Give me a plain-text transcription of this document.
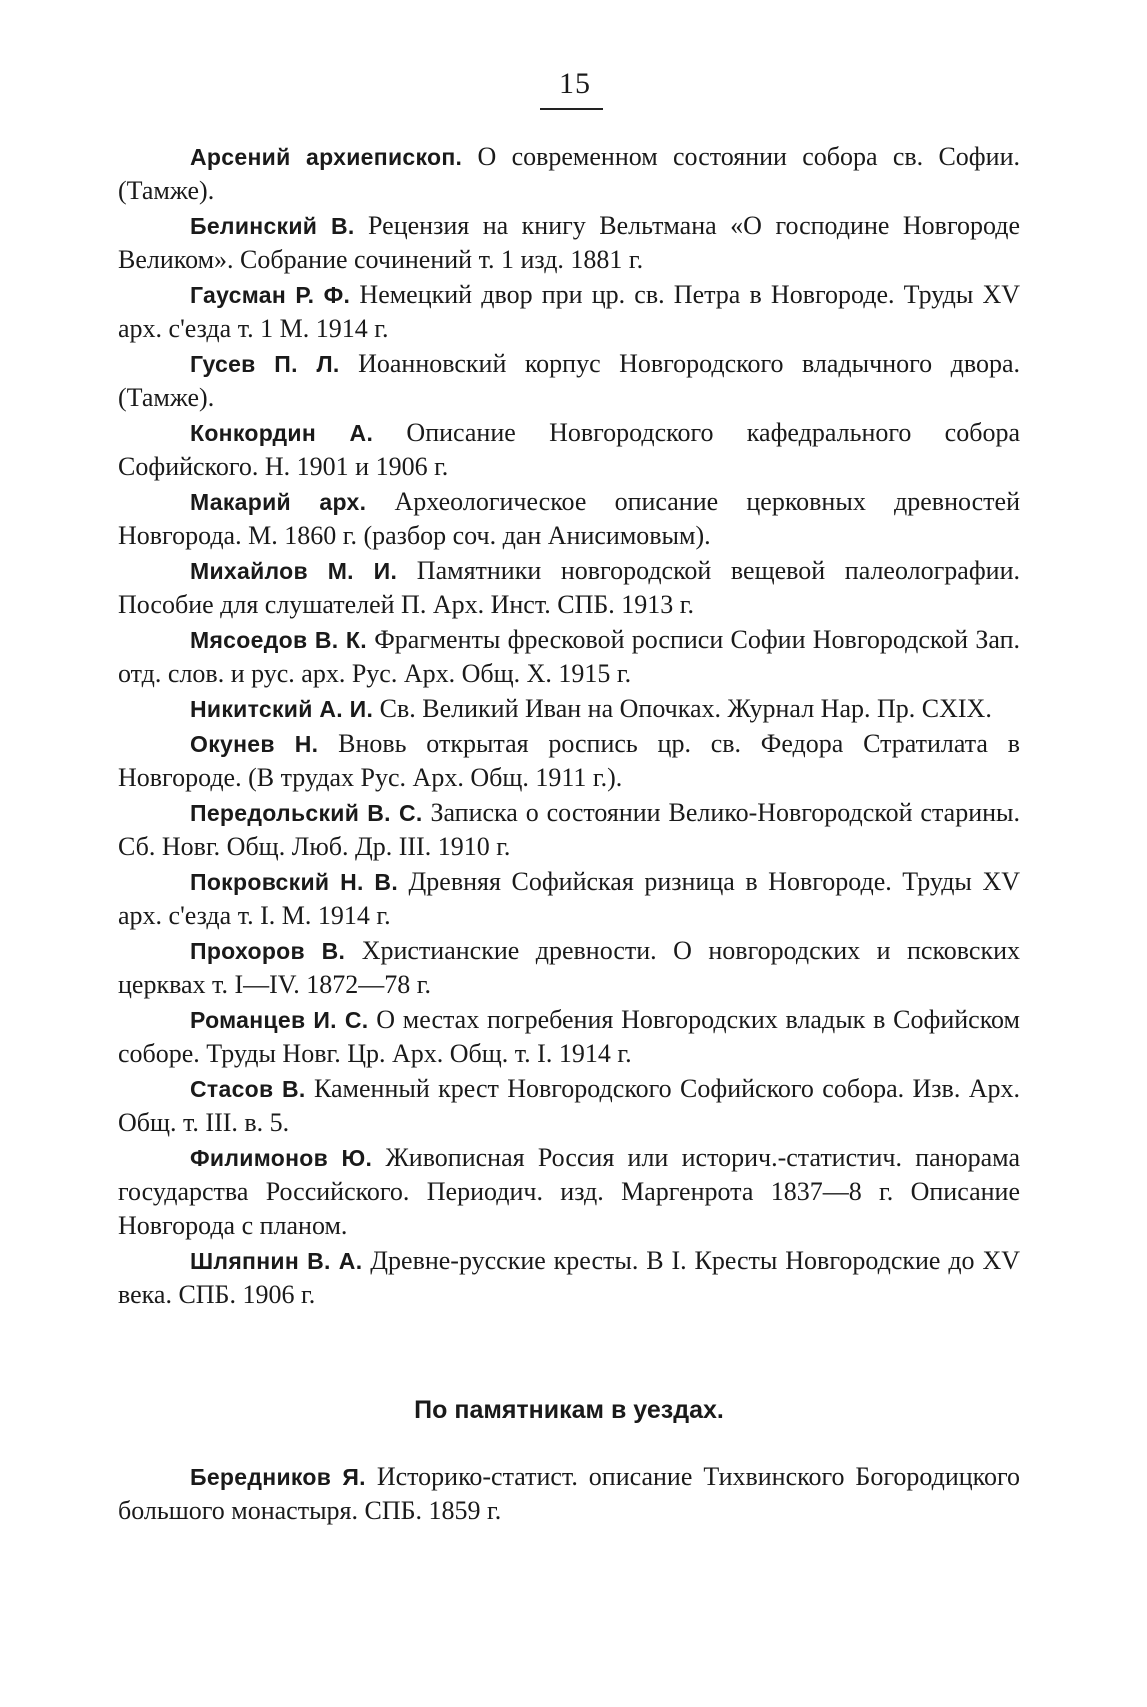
15

Арсений архиепископ. О современном состоянии собора св. Софии. (Тамже).

Белинский В. Рецензия на книгу Вельтмана «О господине Новгороде Великом». Собрание сочинений т. 1 изд. 1881 г.

Гаусман Р. Ф. Немецкий двор при цр. св. Петра в Новгороде. Труды XV арх. с'езда т. 1 М. 1914 г.

Гусев П. Л. Иоанновский корпус Новгородского владычного двора. (Тамже).

Конкордин А. Описание Новгородского кафедрального собора Софийского. Н. 1901 и 1906 г.

Макарий арх. Археологическое описание церковных древностей Новгорода. М. 1860 г. (разбор соч. дан Анисимовым).

Михайлов М. И. Памятники новгородской вещевой палеолографии. Пособие для слушателей П. Арх. Инст. СПБ. 1913 г.

Мясоедов В. К. Фрагменты фресковой росписи Софии Новгородской Зап. отд. слов. и рус. арх. Рус. Арх. Общ. X. 1915 г.

Никитский А. И. Св. Великий Иван на Опочках. Журнал Нар. Пр. CXIX.

Окунев Н. Вновь открытая роспись цр. св. Федора Стратилата в Новгороде. (В трудах Рус. Арх. Общ. 1911 г.).

Передольский В. С. Записка о состоянии Велико-Новгородской старины. Сб. Новг. Общ. Люб. Др. III. 1910 г.

Покровский Н. В. Древняя Софийская ризница в Новгороде. Труды XV арх. с'езда т. I. М. 1914 г.

Прохоров В. Христианские древности. О новгородских и псковских церквах т. I—IV. 1872—78 г.

Романцев И. С. О местах погребения Новгородских владык в Софийском соборе. Труды Новг. Цр. Арх. Общ. т. I. 1914 г.

Стасов В. Каменный крест Новгородского Софийского собора. Изв. Арх. Общ. т. III. в. 5.

Филимонов Ю. Живописная Россия или историч.-статистич. панорама государства Российского. Периодич. изд. Маргенрота 1837—8 г. Описание Новгорода с планом.

Шляпнин В. А. Древне-русские кресты. В I. Кресты Новгородские до XV века. СПБ. 1906 г.

По памятникам в уездах.

Берeдников Я. Историко-статист. описание Тихвинского Богородицкого большого монастыря. СПБ. 1859 г.
